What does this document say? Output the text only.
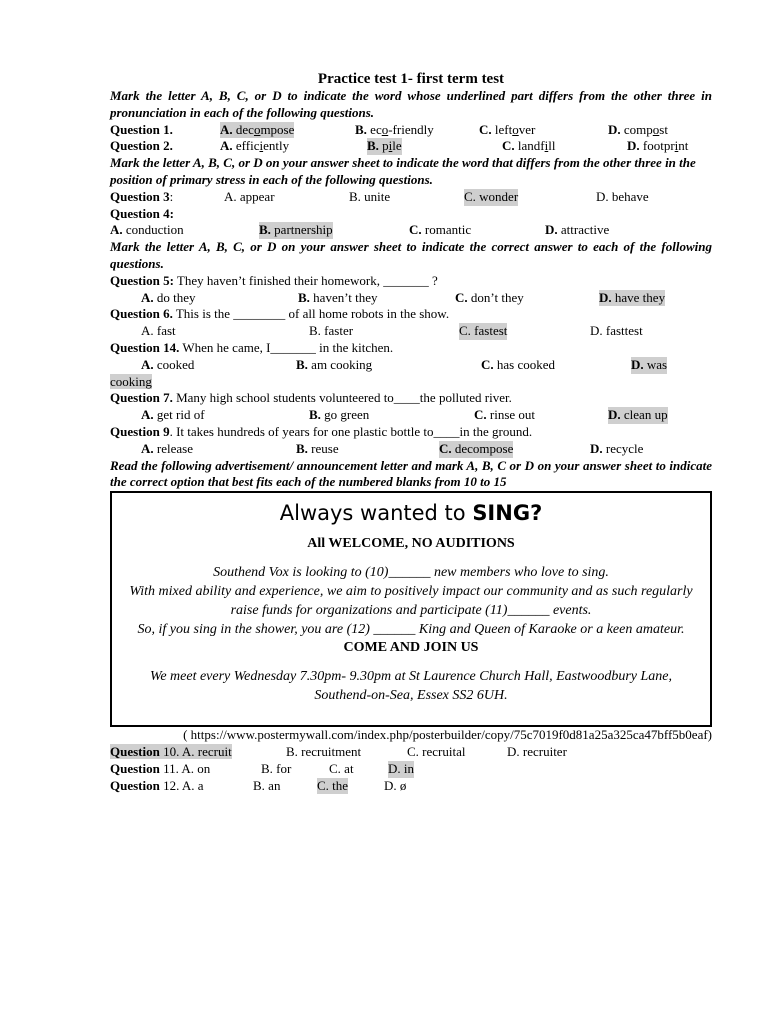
Practice test 1- first term test
Mark the letter A, B, C, or D to indicate the word whose underlined part differs from the other three in pronunciation in each of the following questions.
Question 1.	A. decompose	B. eco-friendly	C. leftover	D. compost
Question 2.	A. efficiently	B. pile	C. landfill	D. footprint
Mark the letter A, B, C, or D on your answer sheet to indicate the word that differs from the other three in the position of primary stress in each of the following questions.
Question 3:	A. appear	B. unite	C. wonder	D. behave
Question 4:
A. conduction	B. partnership	C. romantic	D. attractive
Mark the letter A, B, C, or D on your answer sheet to indicate the correct answer to each of the following questions.
Question 5: They haven’t finished their homework, _______ ?
A. do they	B. haven’t they	C. don’t they	D. have they
Question 6. This is the ________ of all home robots in the show.
A. fast	B. faster	C. fastest	D. fasttest
Question 14. When he came, I_______ in the kitchen.
A. cooked	B. am cooking	C. has cooked	D. was
cooking
Question 7. Many high school students volunteered to____the polluted river.
A. get rid of	B. go green	C. rinse out	D. clean up
Question 9. It takes hundreds of years for one plastic bottle to____in the ground.
A. release	B. reuse	C. decompose	D. recycle
Read the following advertisement/ announcement letter and mark A, B, C or D on your answer sheet to indicate the correct option that best fits each of the numbered blanks from 10 to 15
Always wanted to SING?
All WELCOME, NO AUDITIONS
Southend Vox is looking to (10)______ new members who love to sing.
With mixed ability and experience, we aim to positively impact our community and as such regularly
raise funds for organizations and participate (11)______ events.
So, if you sing in the shower, you are (12) ______ King and Queen of Karaoke or a keen amateur.
COME AND JOIN US
We meet every Wednesday 7.30pm- 9.30pm at St Laurence Church Hall, Eastwoodbury Lane,
Southend-on-Sea, Essex SS2 6UH.
( https://www.postermywall.com/index.php/posterbuilder/copy/75c7019f0d81a25a325ca47bff5b0eaf)
Question 10. A. recruit	B. recruitment	C. recruital	D. recruiter
Question 11. A. on	B. for	C. at	D. in
Question 12. A. a	B. an	C. the	D. ø
